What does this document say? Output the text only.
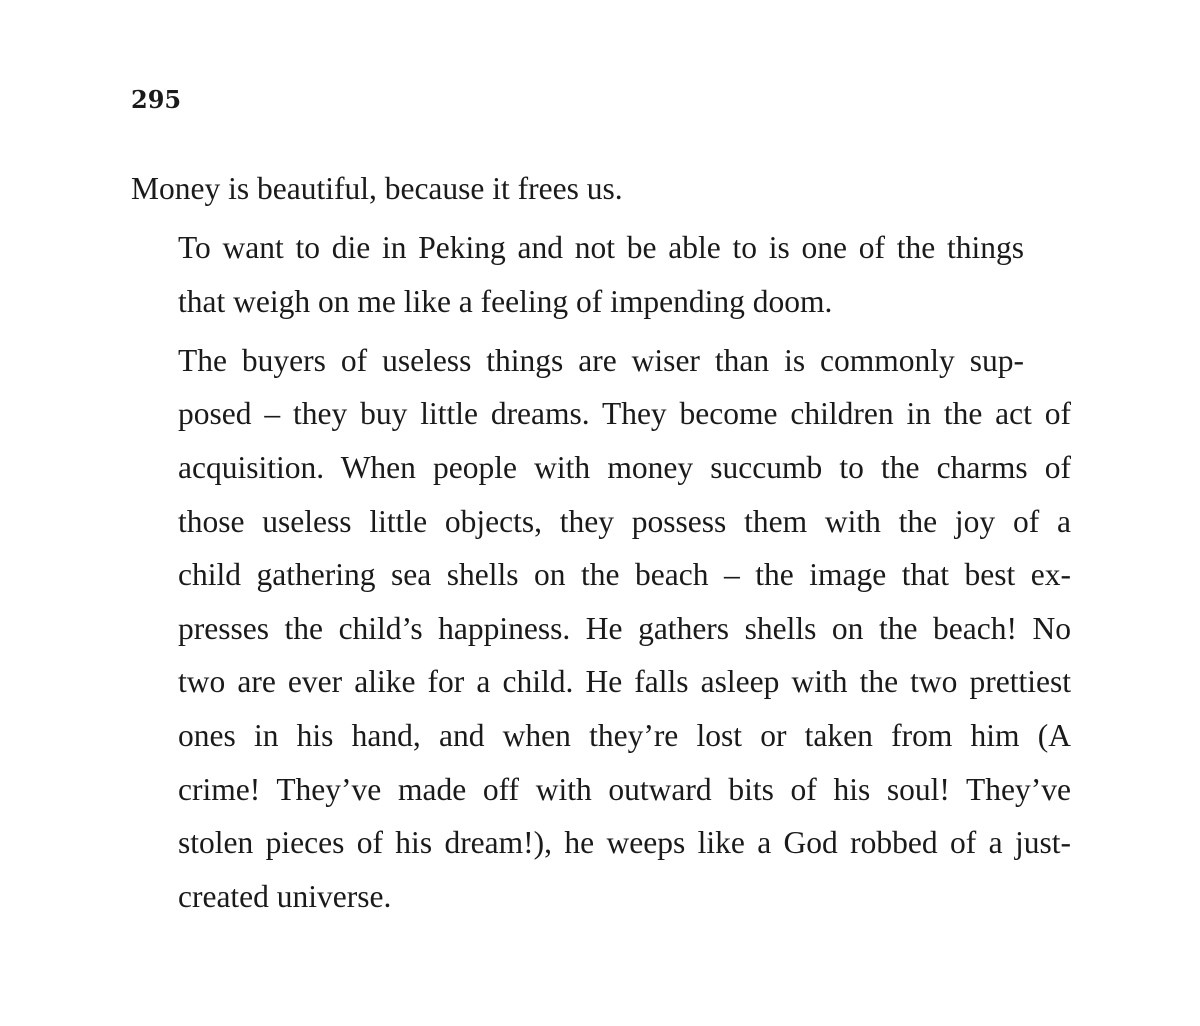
295

Money is beautiful, because it frees us.

To want to die in Peking and not be able to is one of the things
that weigh on me like a feeling of impending doom.

The buyers of useless things are wiser than is commonly sup-
posed – they buy little dreams. They become children in the act of
acquisition. When people with money succumb to the charms of
those useless little objects, they possess them with the joy of a
child gathering sea shells on the beach – the image that best ex-
presses the child’s happiness. He gathers shells on the beach! No
two are ever alike for a child. He falls asleep with the two prettiest
ones in his hand, and when they’re lost or taken from him (A
crime! They’ve made off with outward bits of his soul! They’ve
stolen pieces of his dream!), he weeps like a God robbed of a just-
created universe.
